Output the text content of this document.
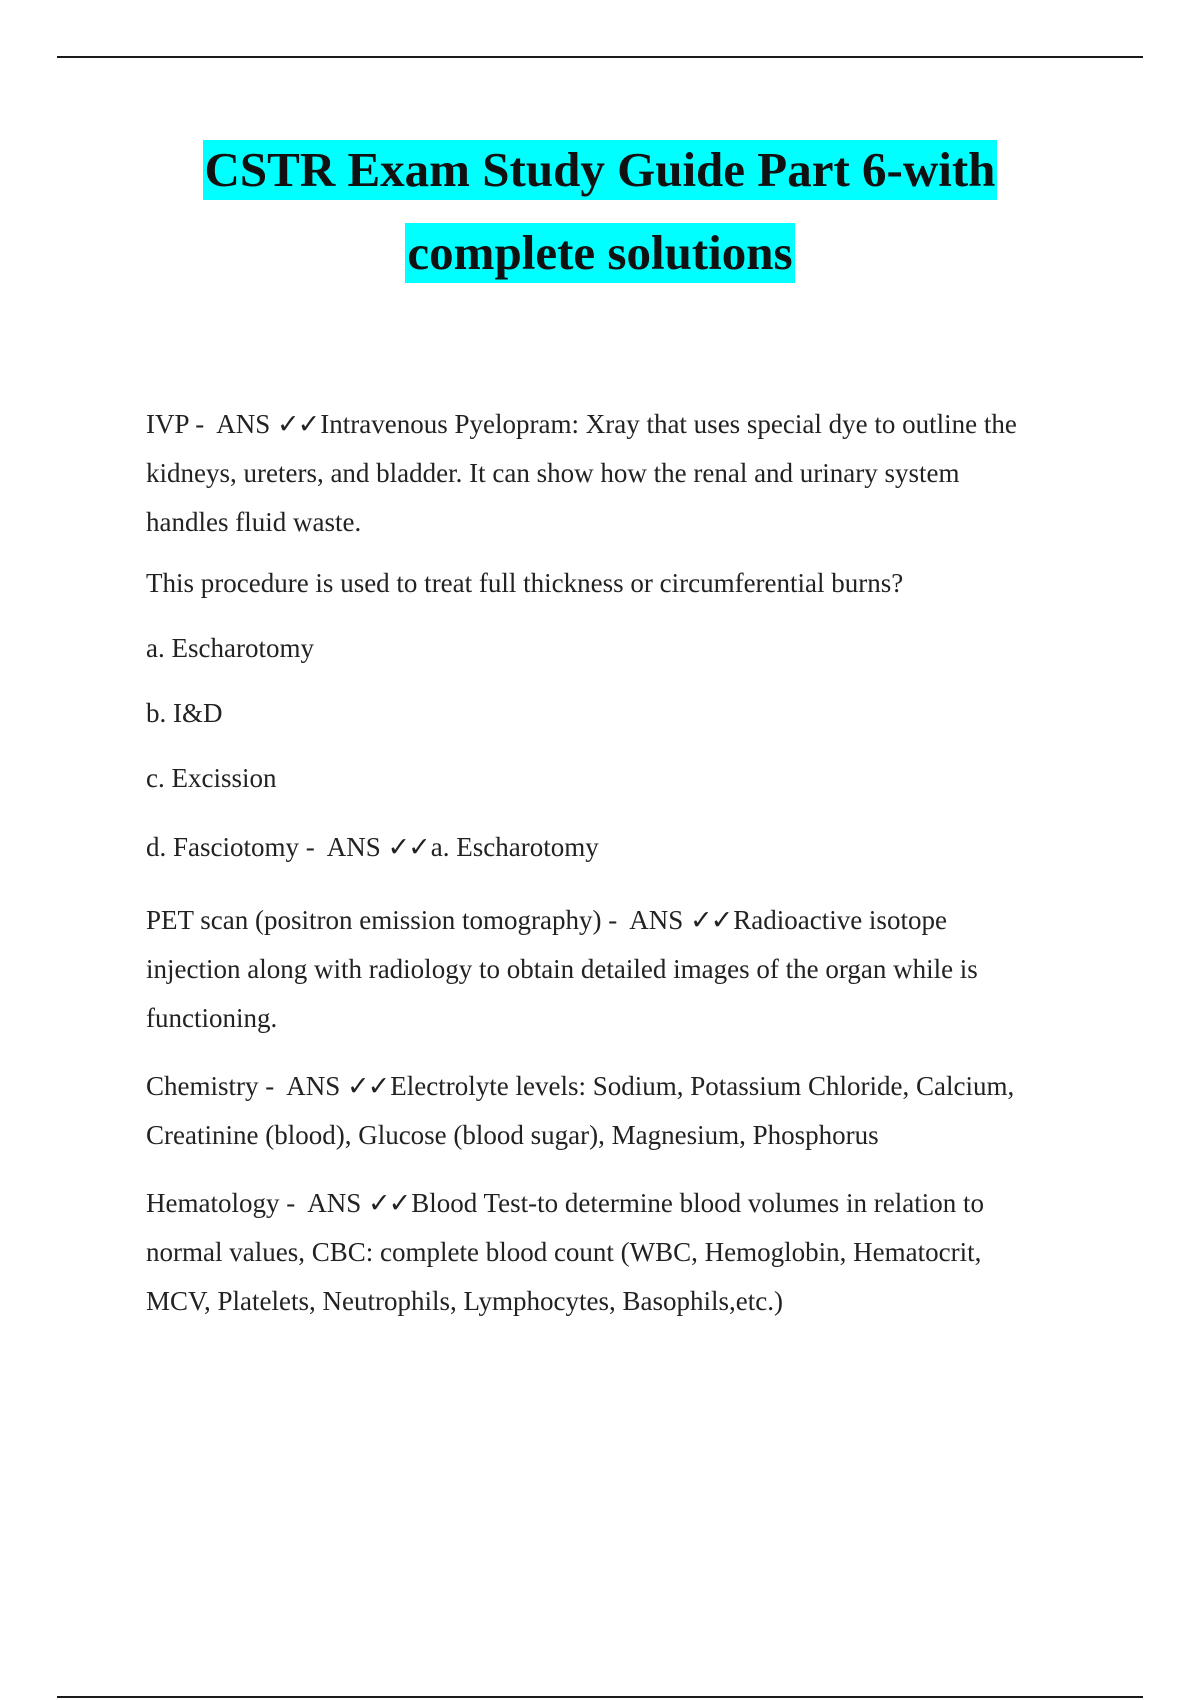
CSTR Exam Study Guide Part 6-with
complete solutions

IVP - ANS ✓✓Intravenous Pyelopram: Xray that uses special dye to outline the
kidneys, ureters, and bladder. It can show how the renal and urinary system
handles fluid waste.

This procedure is used to treat full thickness or circumferential burns?

a. Escharotomy

b. I&D

c. Excission

d. Fasciotomy - ANS ✓✓a. Escharotomy

PET scan (positron emission tomography) - ANS ✓✓Radioactive isotope
injection along with radiology to obtain detailed images of the organ while is
functioning.

Chemistry - ANS ✓✓Electrolyte levels: Sodium, Potassium Chloride, Calcium,
Creatinine (blood), Glucose (blood sugar), Magnesium, Phosphorus

Hematology - ANS ✓✓Blood Test-to determine blood volumes in relation to
normal values, CBC: complete blood count (WBC, Hemoglobin, Hematocrit,
MCV, Platelets, Neutrophils, Lymphocytes, Basophils,etc.)
